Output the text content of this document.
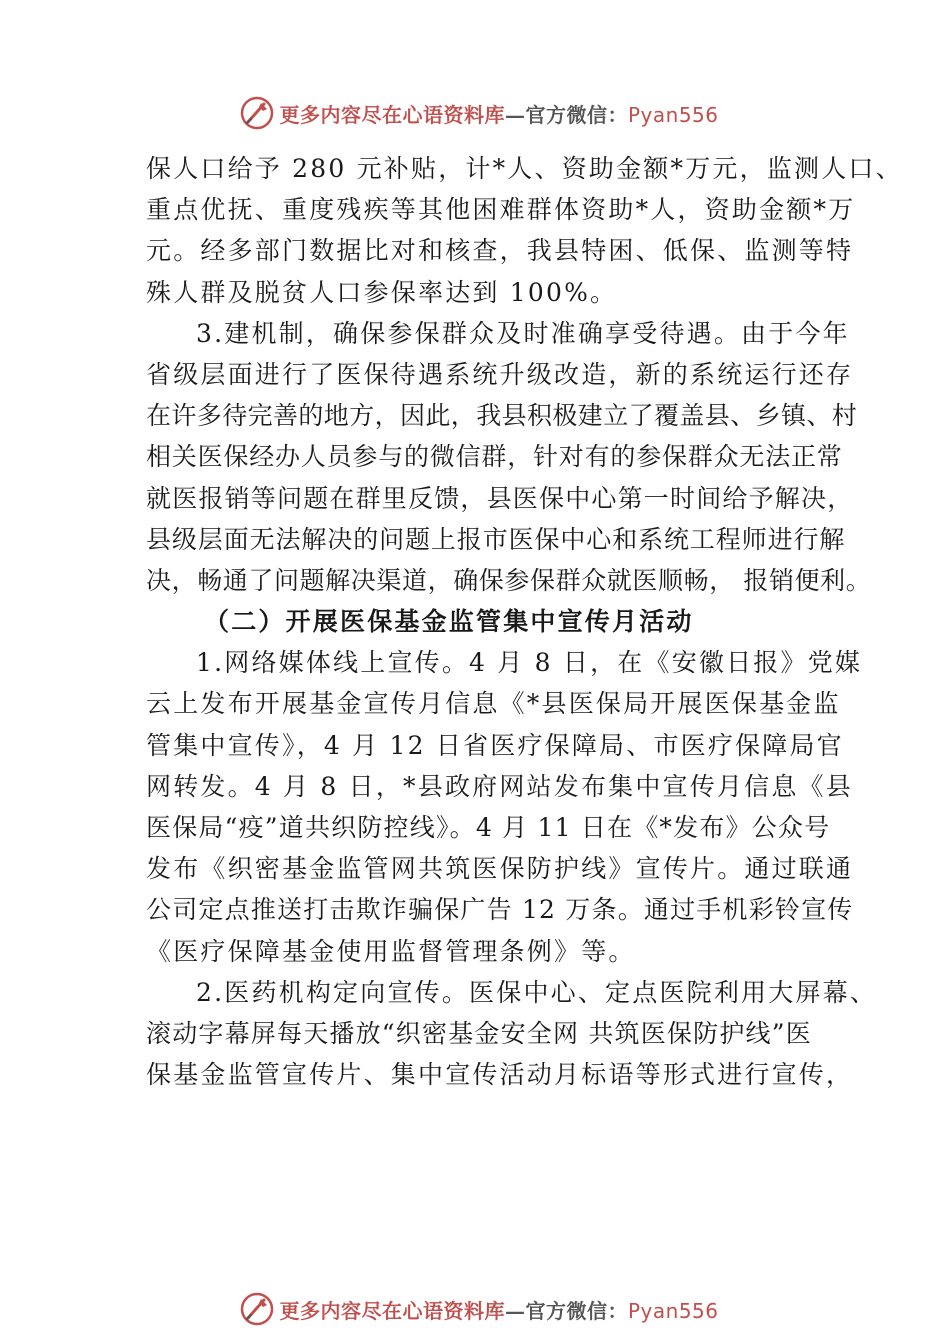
更多内容尽在心语资料库—官方微信：Pyan556
保人口给予 280 元补贴，计*人、资助金额*万元，监测人口、
重点优抚、重度残疾等其他困难群体资助*人，资助金额*万
元。经多部门数据比对和核查，我县特困、低保、监测等特
殊人群及脱贫人口参保率达到 100%。
3.建机制，确保参保群众及时准确享受待遇。由于今年
省级层面进行了医保待遇系统升级改造，新的系统运行还存
在许多待完善的地方，因此，我县积极建立了覆盖县、乡镇、村
相关医保经办人员参与的微信群，针对有的参保群众无法正常
就医报销等问题在群里反馈，县医保中心第一时间给予解决，
县级层面无法解决的问题上报市医保中心和系统工程师进行解
决，畅通了问题解决渠道，确保参保群众就医顺畅， 报销便利。
（二）开展医保基金监管集中宣传月活动
1.网络媒体线上宣传。4 月 8 日，在《安徽日报》党媒
云上发布开展基金宣传月信息《*县医保局开展医保基金监
管集中宣传》，4 月 12 日省医疗保障局、市医疗保障局官
网转发。4 月 8 日，*县政府网站发布集中宣传月信息《县
医保局“疫”道共织防控线》。4 月 11 日在《*发布》公众号
发布《织密基金监管网共筑医保防护线》宣传片。通过联通
公司定点推送打击欺诈骗保广告 12 万条。通过手机彩铃宣传
《医疗保障基金使用监督管理条例》等。
2.医药机构定向宣传。医保中心、定点医院利用大屏幕、
滚动字幕屏每天播放“织密基金安全网 共筑医保防护线”医
保基金监管宣传片、集中宣传活动月标语等形式进行宣传，
更多内容尽在心语资料库—官方微信：Pyan556
